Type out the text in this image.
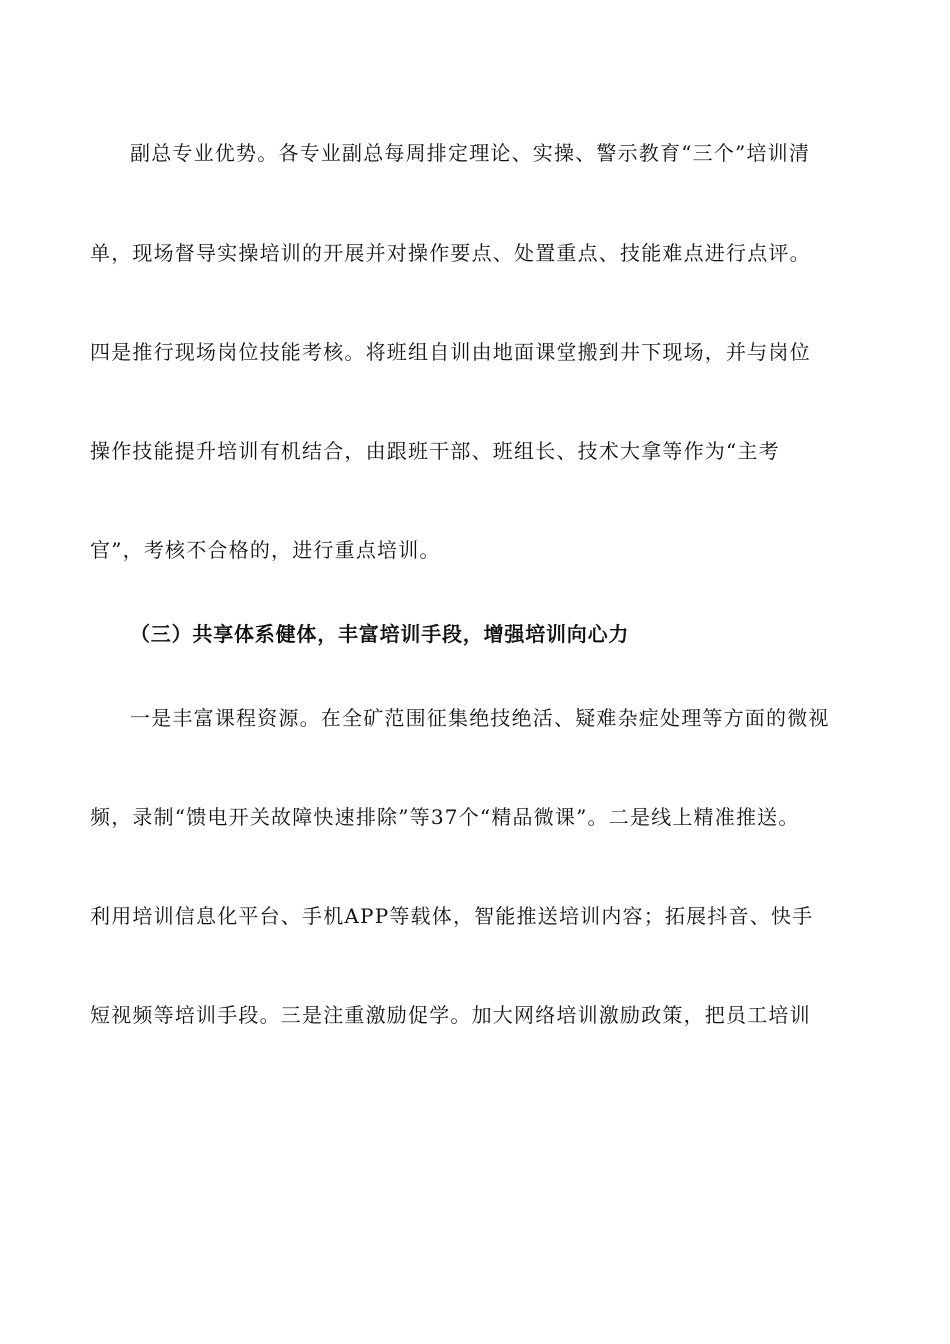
副总专业优势。各专业副总每周排定理论、实操、警示教育“三个”培训清
单，现场督导实操培训的开展并对操作要点、处置重点、技能难点进行点评。
四是推行现场岗位技能考核。将班组自训由地面课堂搬到井下现场，并与岗位
操作技能提升培训有机结合，由跟班干部、班组长、技术大拿等作为“主考
官”，考核不合格的，进行重点培训。
（三）共享体系健体，丰富培训手段，增强培训向心力
一是丰富课程资源。在全矿范围征集绝技绝活、疑难杂症处理等方面的微视
频，录制“馈电开关故障快速排除”等37个“精品微课”。二是线上精准推送。
利用培训信息化平台、手机APP等载体，智能推送培训内容；拓展抖音、快手
短视频等培训手段。三是注重激励促学。加大网络培训激励政策，把员工培训
